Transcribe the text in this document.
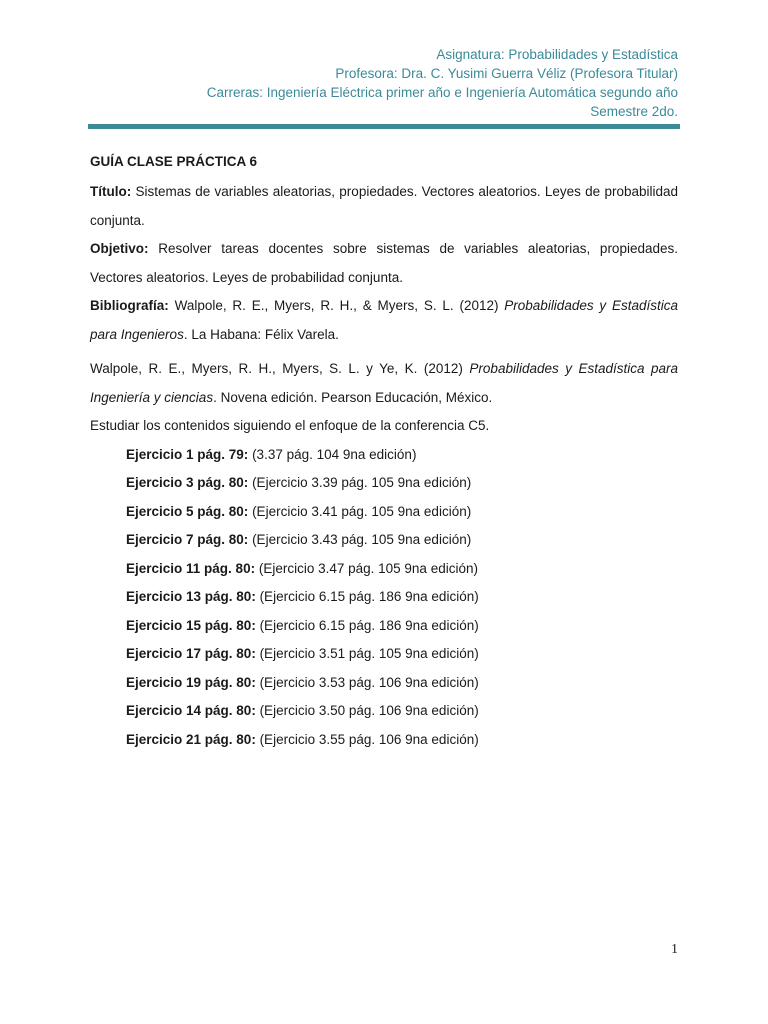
Asignatura: Probabilidades y Estadística
Profesora: Dra. C. Yusimi Guerra Véliz (Profesora Titular)
Carreras: Ingeniería Eléctrica primer año e Ingeniería Automática segundo año
Semestre 2do.
GUÍA CLASE PRÁCTICA 6

Título: Sistemas de variables aleatorias, propiedades. Vectores aleatorios. Leyes de probabilidad conjunta.

Objetivo: Resolver tareas docentes sobre sistemas de variables aleatorias, propiedades. Vectores aleatorios. Leyes de probabilidad conjunta.

Bibliografía: Walpole, R. E., Myers, R. H., & Myers, S. L. (2012) Probabilidades y Estadística para Ingenieros. La Habana: Félix Varela.

Walpole, R. E., Myers, R. H., Myers, S. L. y Ye, K. (2012) Probabilidades y Estadística para Ingeniería y ciencias. Novena edición. Pearson Educación, México.

Estudiar los contenidos siguiendo el enfoque de la conferencia C5.

Ejercicio 1 pág. 79: (3.37 pág. 104 9na edición)
Ejercicio 3 pág. 80: (Ejercicio 3.39 pág. 105 9na edición)
Ejercicio 5 pág. 80: (Ejercicio 3.41 pág. 105 9na edición)
Ejercicio 7 pág. 80: (Ejercicio 3.43 pág. 105 9na edición)
Ejercicio 11 pág. 80: (Ejercicio 3.47 pág. 105 9na edición)
Ejercicio 13 pág. 80: (Ejercicio 6.15 pág. 186 9na edición)
Ejercicio 15 pág. 80: (Ejercicio 6.15 pág. 186 9na edición)
Ejercicio 17 pág. 80: (Ejercicio 3.51 pág. 105 9na edición)
Ejercicio 19 pág. 80: (Ejercicio 3.53 pág. 106 9na edición)
Ejercicio 14 pág. 80: (Ejercicio 3.50 pág. 106 9na edición)
Ejercicio 21 pág. 80: (Ejercicio 3.55 pág. 106 9na edición)
1
